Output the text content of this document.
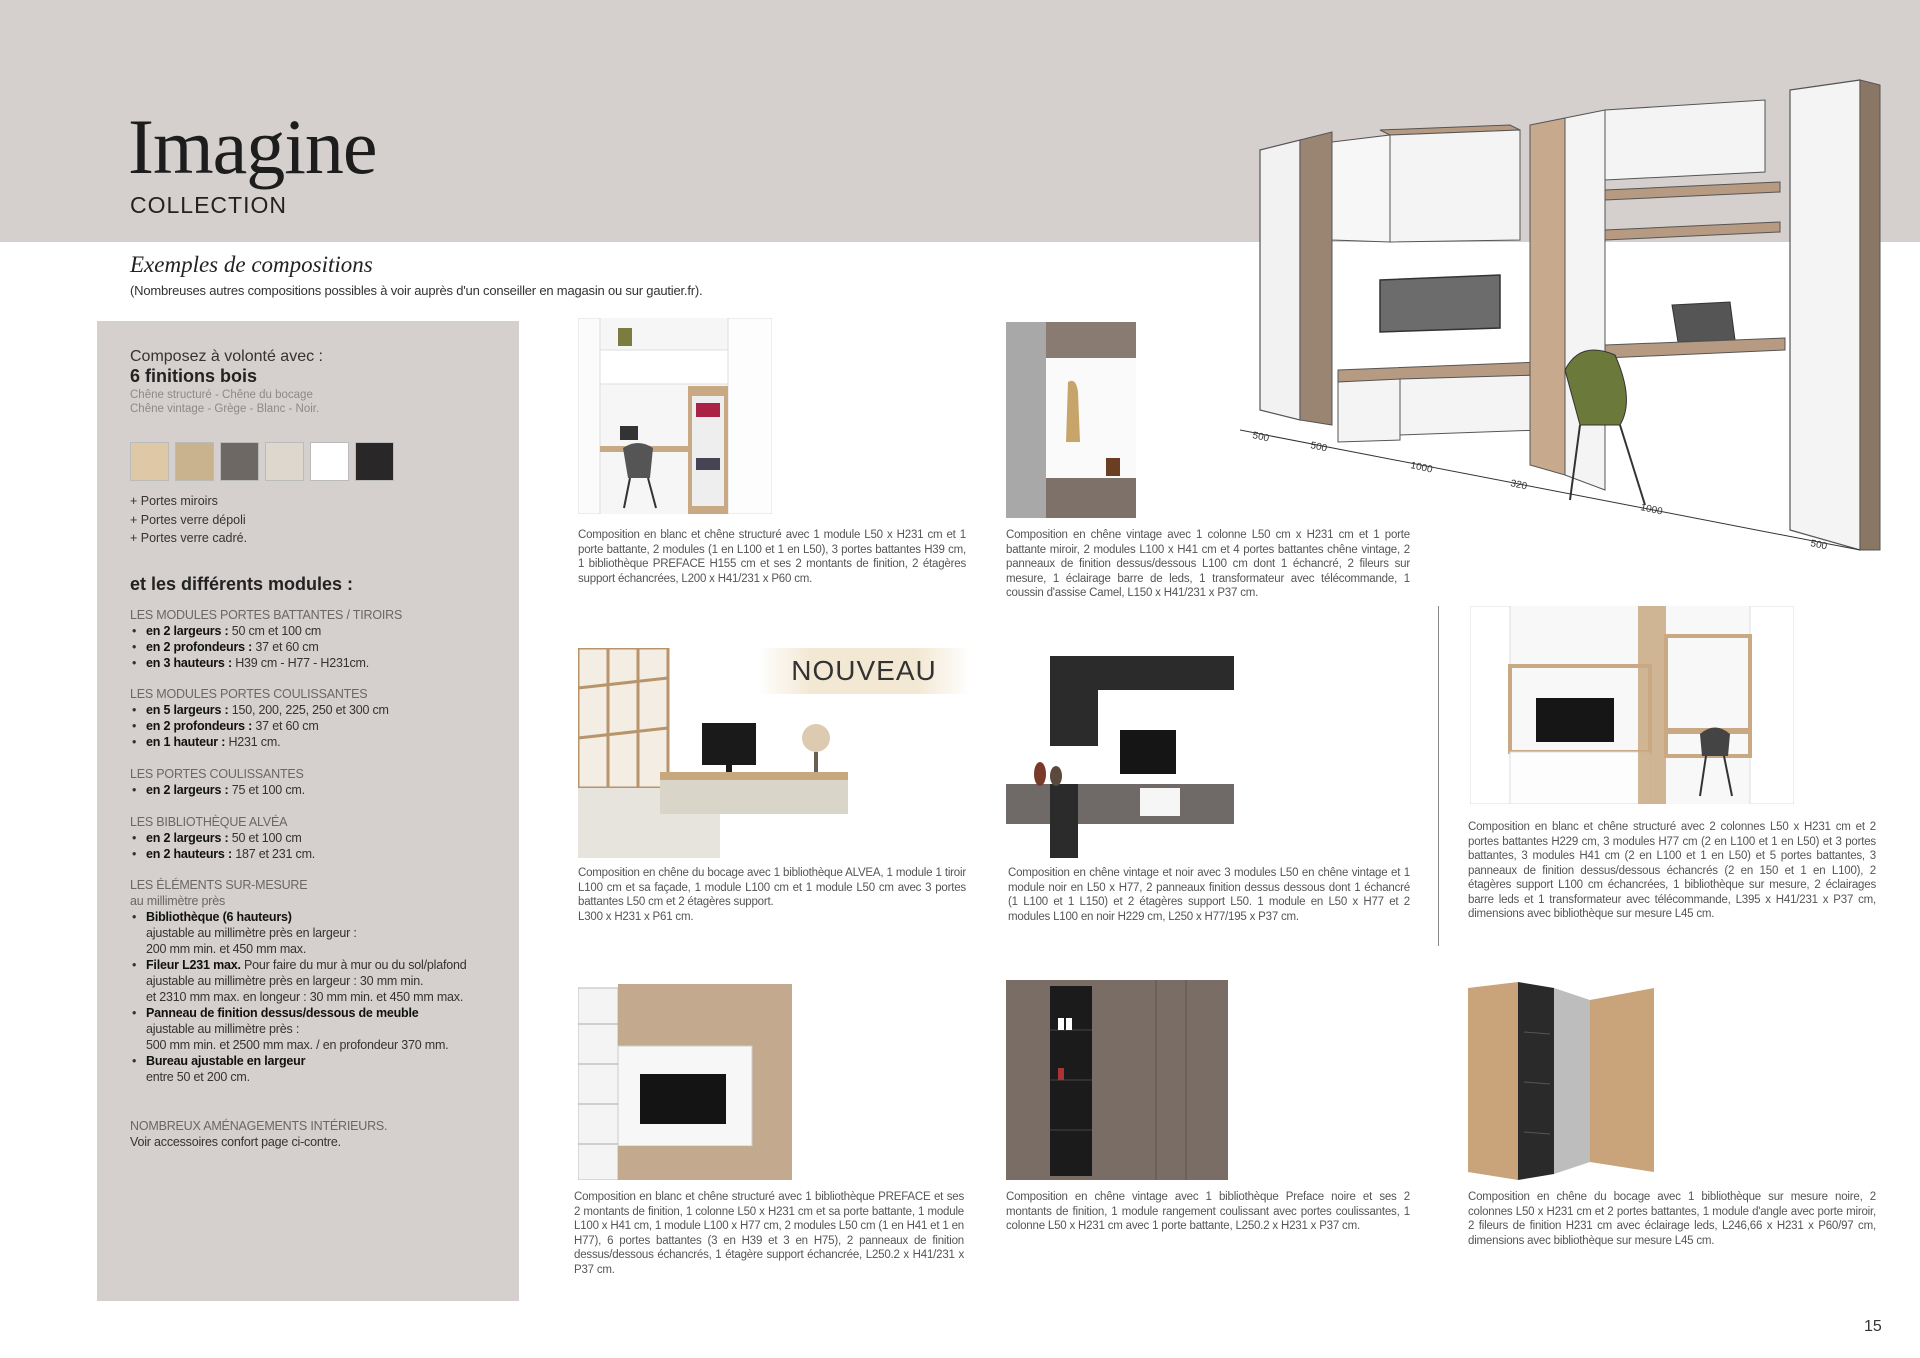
Imagine
COLLECTION
Exemples de compositions
(Nombreuses autres compositions possibles à voir auprès d'un conseiller en magasin ou sur gautier.fr).
Composez à volonté avec :
6 finitions bois
Chêne structuré - Chêne du bocage
Chêne vintage - Grège - Blanc - Noir.
+ Portes miroirs
+ Portes verre dépoli
+ Portes verre cadré.
et les différents modules :
LES MODULES PORTES BATTANTES / TIROIRS
• en 2 largeurs : 50 cm et 100 cm
• en 2 profondeurs : 37 et 60 cm
• en 3 hauteurs : H39 cm - H77 - H231cm.
LES MODULES PORTES COULISSANTES
• en 5 largeurs : 150, 200, 225, 250 et 300 cm
• en 2 profondeurs : 37 et 60 cm
• en 1 hauteur : H231 cm.
LES PORTES COULISSANTES
• en 2 largeurs : 75 et 100 cm.
LES BIBLIOTHÈQUE ALVÉA
• en 2 largeurs : 50 et 100 cm
• en 2 hauteurs : 187 et 231 cm.
LES ÉLÉMENTS SUR-MESURE
au millimètre près
• Bibliothèque (6 hauteurs)
ajustable au millimètre près en largeur :
200 mm min. et 450 mm max.
• Fileur L231 max. Pour faire du mur à mur ou du sol/plafond
ajustable au millimètre près en largeur : 30 mm min.
et 2310 mm max. en longeur : 30 mm min. et 450 mm max.
• Panneau de finition dessus/dessous de meuble
ajustable au millimètre près :
500 mm min. et 2500 mm max. / en profondeur 370 mm.
• Bureau ajustable en largeur
entre 50 et 200 cm.
NOMBREUX AMÉNAGEMENTS INTÉRIEURS.
Voir accessoires confort page ci-contre.
500
500
1000
320
1000
500
NOUVEAU
Composition en blanc et chêne structuré avec 1 module L50 x H231 cm et 1 porte battante, 2 modules (1 en L100 et 1 en L50), 3 portes battantes H39 cm, 1 bibliothèque PREFACE H155 cm et ses 2 montants de finition, 2 étagères support échancrées, L200 x H41/231 x P60 cm.
Composition en chêne vintage avec 1 colonne L50 cm x H231 cm et 1 porte battante miroir, 2 modules L100 x H41 cm et 4 portes battantes chêne vintage, 2 panneaux de finition dessus/dessous L100 cm dont 1 échancré, 2 fileurs sur mesure, 1 éclairage barre de leds, 1 transformateur avec télécommande, 1 coussin d'assise Camel, L150 x H41/231 x P37 cm.
Composition en chêne du bocage avec 1 bibliothèque ALVEA, 1 module 1 tiroir L100 cm et sa façade, 1 module L100 cm et 1 module L50 cm avec 3 portes battantes L50 cm et 2 étagères support.
L300 x H231 x P61 cm.
Composition en chêne vintage et noir avec 3 modules L50 en chêne vintage et 1 module noir en L50 x H77, 2 panneaux finition dessus dessous dont 1 échancré (1 L100 et 1 L150) et 2 étagères support L50. 1 module en L50 x H77 et 2 modules L100 en noir H229 cm, L250 x H77/195 x P37 cm.
Composition en blanc et chêne structuré avec 2 colonnes L50 x H231 cm et 2 portes battantes H229 cm, 3 modules H77 cm (2 en L100 et 1 en L50) et 3 portes battantes, 3 modules H41 cm (2 en L100 et 1 en L50) et 5 portes battantes, 3 panneaux de finition dessus/dessous échancrés (2 en 150 et 1 en L100), 2 étagères support L100 cm échancrées, 1 bibliothèque sur mesure, 2 éclairages barre leds et 1 transformateur avec télécommande, L395 x H41/231 x P37 cm, dimensions avec bibliothèque sur mesure L45 cm.
Composition en blanc et chêne structuré avec 1 bibliothèque PREFACE et ses 2 montants de finition, 1 colonne L50 x H231 cm et sa porte battante, 1 module L100 x H41 cm, 1 module L100 x H77 cm, 2 modules L50 cm (1 en H41 et 1 en H77), 6 portes battantes (3 en H39 et 3 en H75), 2 panneaux de finition dessus/dessous échancrés, 1 étagère support échancrée, L250.2 x H41/231 x P37 cm.
Composition en chêne vintage avec 1 bibliothèque Preface noire et ses 2 montants de finition, 1 module rangement coulissant avec portes coulissantes, 1 colonne L50 x H231 cm avec 1 porte battante, L250.2 x H231 x P37 cm.
Composition en chêne du bocage avec 1 bibliothèque sur mesure noire, 2 colonnes L50 x H231 cm et 2 portes battantes, 1 module d'angle avec porte miroir, 2 fileurs de finition H231 cm avec éclairage leds, L246,66 x H231 x P60/97 cm, dimensions avec bibliothèque sur mesure L45 cm.
15
